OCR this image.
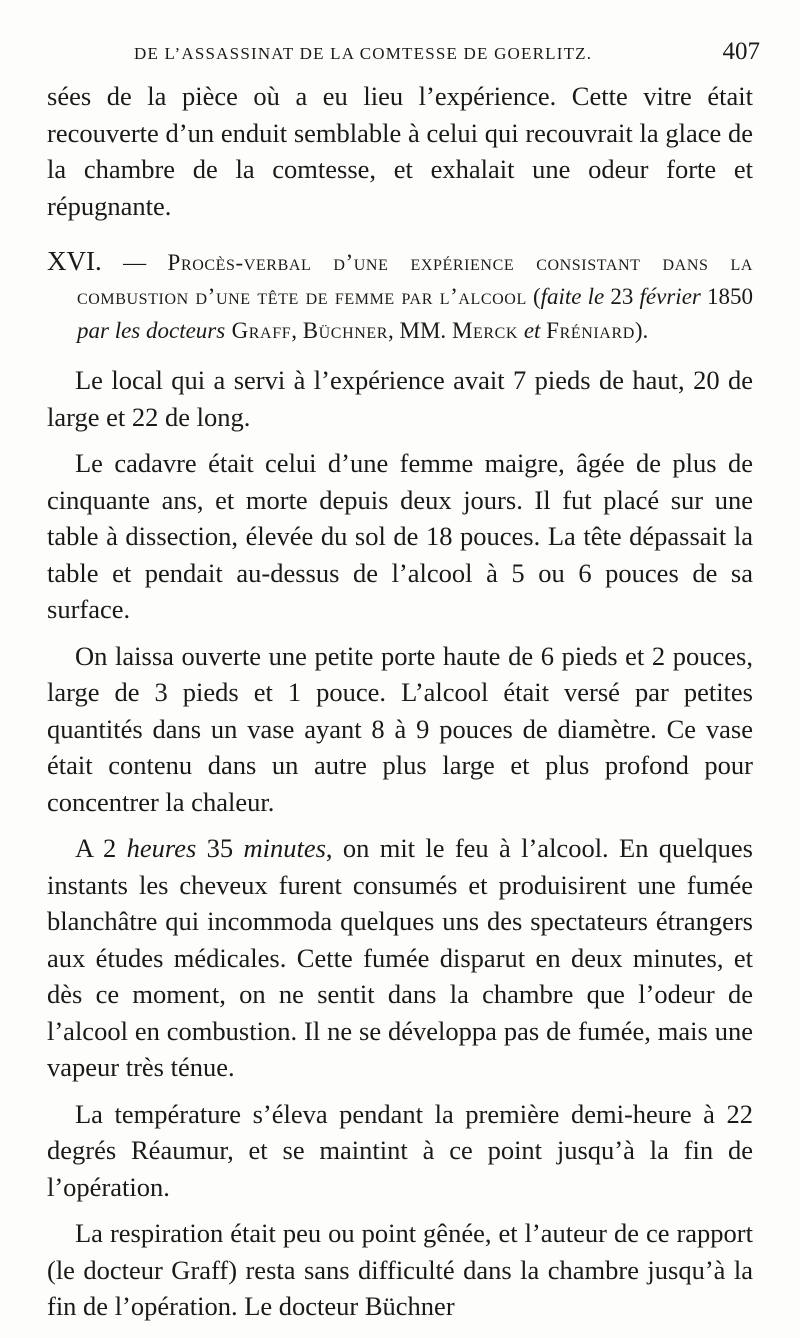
DE L’ASSASSINAT DE LA COMTESSE DE GOERLITZ.	407

sées de la pièce où a eu lieu l’expérience. Cette vitre était recouverte d’un enduit semblable à celui qui recouvrait la glace de la chambre de la comtesse, et exhalait une odeur forte et répugnante.

XVI. — Procès-verbal d’une expérience consistant dans la combustion d’une tête de femme par l’alcool (faite le 23 février 1850 par les docteurs Graff, Büchner, MM. Merck et Fréniard).

Le local qui a servi à l’expérience avait 7 pieds de haut, 20 de large et 22 de long.

Le cadavre était celui d’une femme maigre, âgée de plus de cinquante ans, et morte depuis deux jours. Il fut placé sur une table à dissection, élevée du sol de 18 pouces. La tête dépassait la table et pendait au-dessus de l’alcool à 5 ou 6 pouces de sa surface.

On laissa ouverte une petite porte haute de 6 pieds et 2 pouces, large de 3 pieds et 1 pouce. L’alcool était versé par petites quantités dans un vase ayant 8 à 9 pouces de diamètre. Ce vase était contenu dans un autre plus large et plus profond pour concentrer la chaleur.

A 2 heures 35 minutes, on mit le feu à l’alcool. En quelques instants les cheveux furent consumés et produisirent une fumée blanchâtre qui incommoda quelques uns des spectateurs étrangers aux études médicales. Cette fumée disparut en deux minutes, et dès ce moment, on ne sentit dans la chambre que l’odeur de l’alcool en combustion. Il ne se développa pas de fumée, mais une vapeur très ténue.

La température s’éleva pendant la première demi-heure à 22 degrés Réaumur, et se maintint à ce point jusqu’à la fin de l’opération.

La respiration était peu ou point gênée, et l’auteur de ce rapport (le docteur Graff) resta sans difficulté dans la chambre jusqu’à la fin de l’opération. Le docteur Büchner
